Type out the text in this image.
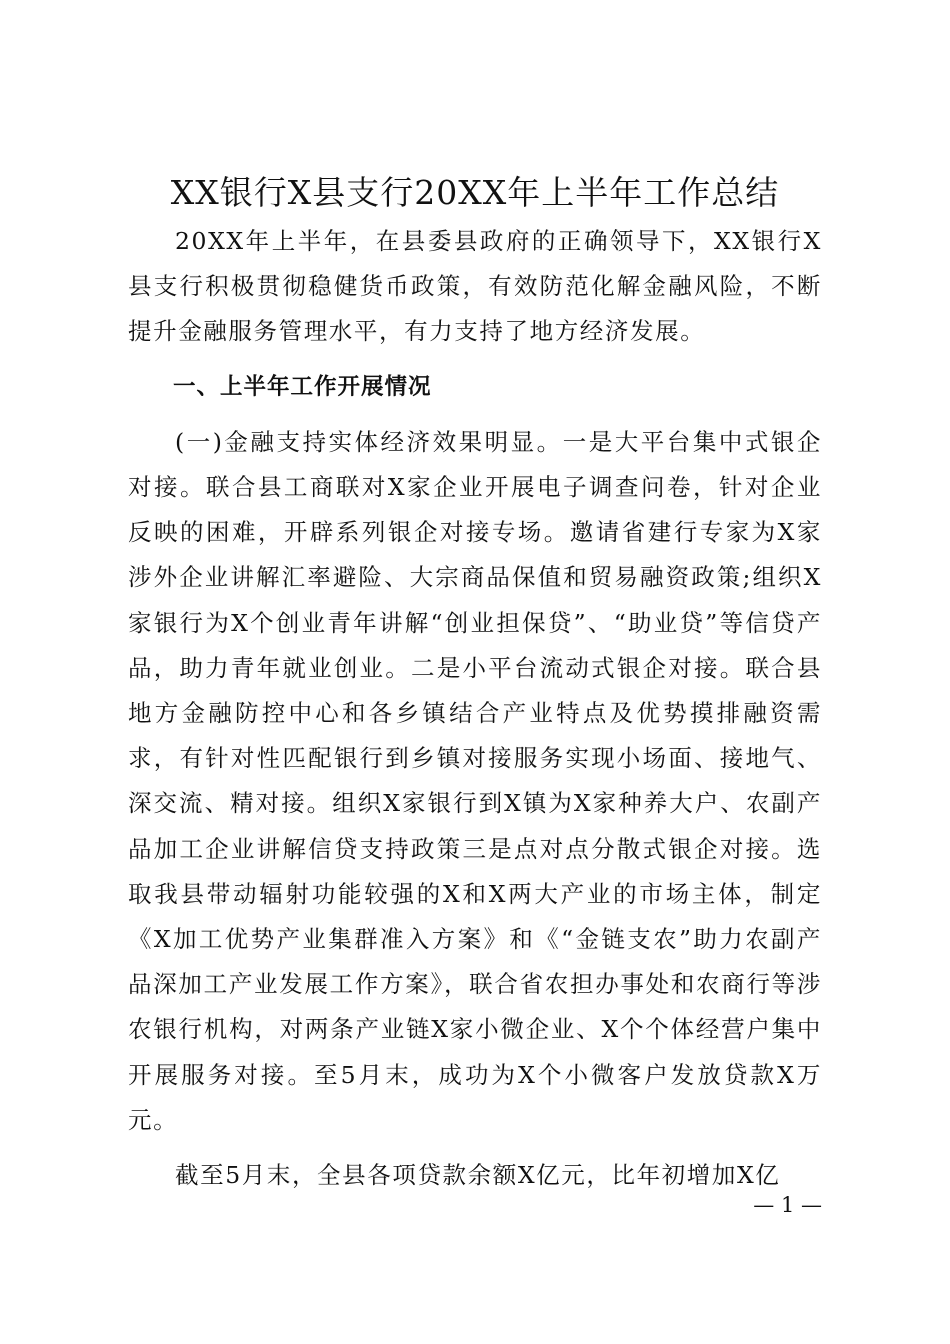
XX银行X县支行20XX年上半年工作总结

20XX年上半年，在县委县政府的正确领导下，XX银行X县支行积极贯彻稳健货币政策，有效防范化解金融风险，不断提升金融服务管理水平，有力支持了地方经济发展。

一、上半年工作开展情况

(一)金融支持实体经济效果明显。一是大平台集中式银企对接。联合县工商联对X家企业开展电子调查问卷，针对企业反映的困难，开辟系列银企对接专场。邀请省建行专家为X家涉外企业讲解汇率避险、大宗商品保值和贸易融资政策;组织X家银行为X个创业青年讲解“创业担保贷”、“助业贷”等信贷产品，助力青年就业创业。二是小平台流动式银企对接。联合县地方金融防控中心和各乡镇结合产业特点及优势摸排融资需求，有针对性匹配银行到乡镇对接服务实现小场面、接地气、深交流、精对接。组织X家银行到X镇为X家种养大户、农副产品加工企业讲解信贷支持政策三是点对点分散式银企对接。选取我县带动辐射功能较强的X和X两大产业的市场主体，制定《X加工优势产业集群准入方案》和《“金链支农”助力农副产品深加工产业发展工作方案》，联合省农担办事处和农商行等涉农银行机构，对两条产业链X家小微企业、X个个体经营户集中开展服务对接。至5月末，成功为X个小微客户发放贷款X万元。

截至5月末，全县各项贷款余额X亿元，比年初增加X亿

— 1 —
